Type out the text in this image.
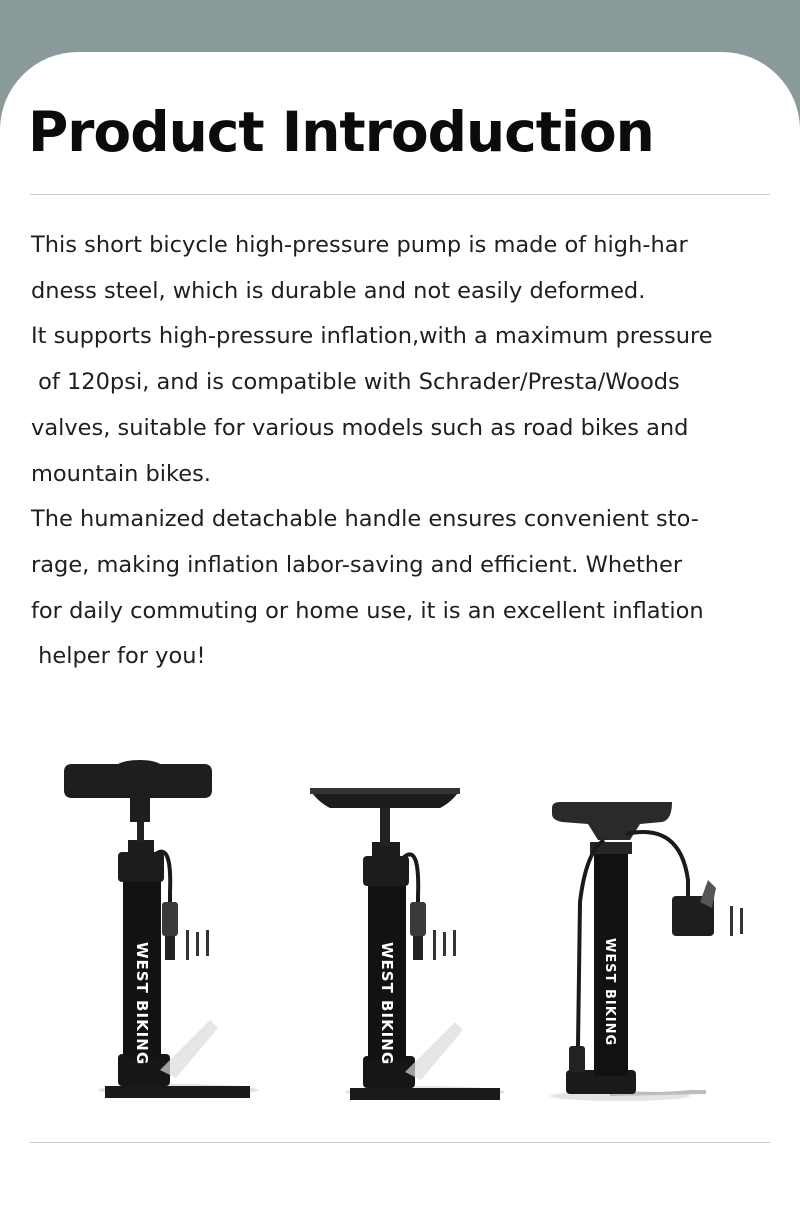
Product Introduction
This short bicycle high-pressure pump is made of high-har
dness steel, which is durable and not easily deformed.
It supports high-pressure inflation,with a maximum pressure
of 120psi, and is compatible with Schrader/Presta/Woods
valves, suitable for various models such as road bikes and
mountain bikes.
The humanized detachable handle ensures convenient sto-
rage, making inflation labor-saving and efficient. Whether
for daily commuting or home use, it is an excellent inflation
helper for you!
WEST BIKING	WEST BIKING	WEST BIKING
